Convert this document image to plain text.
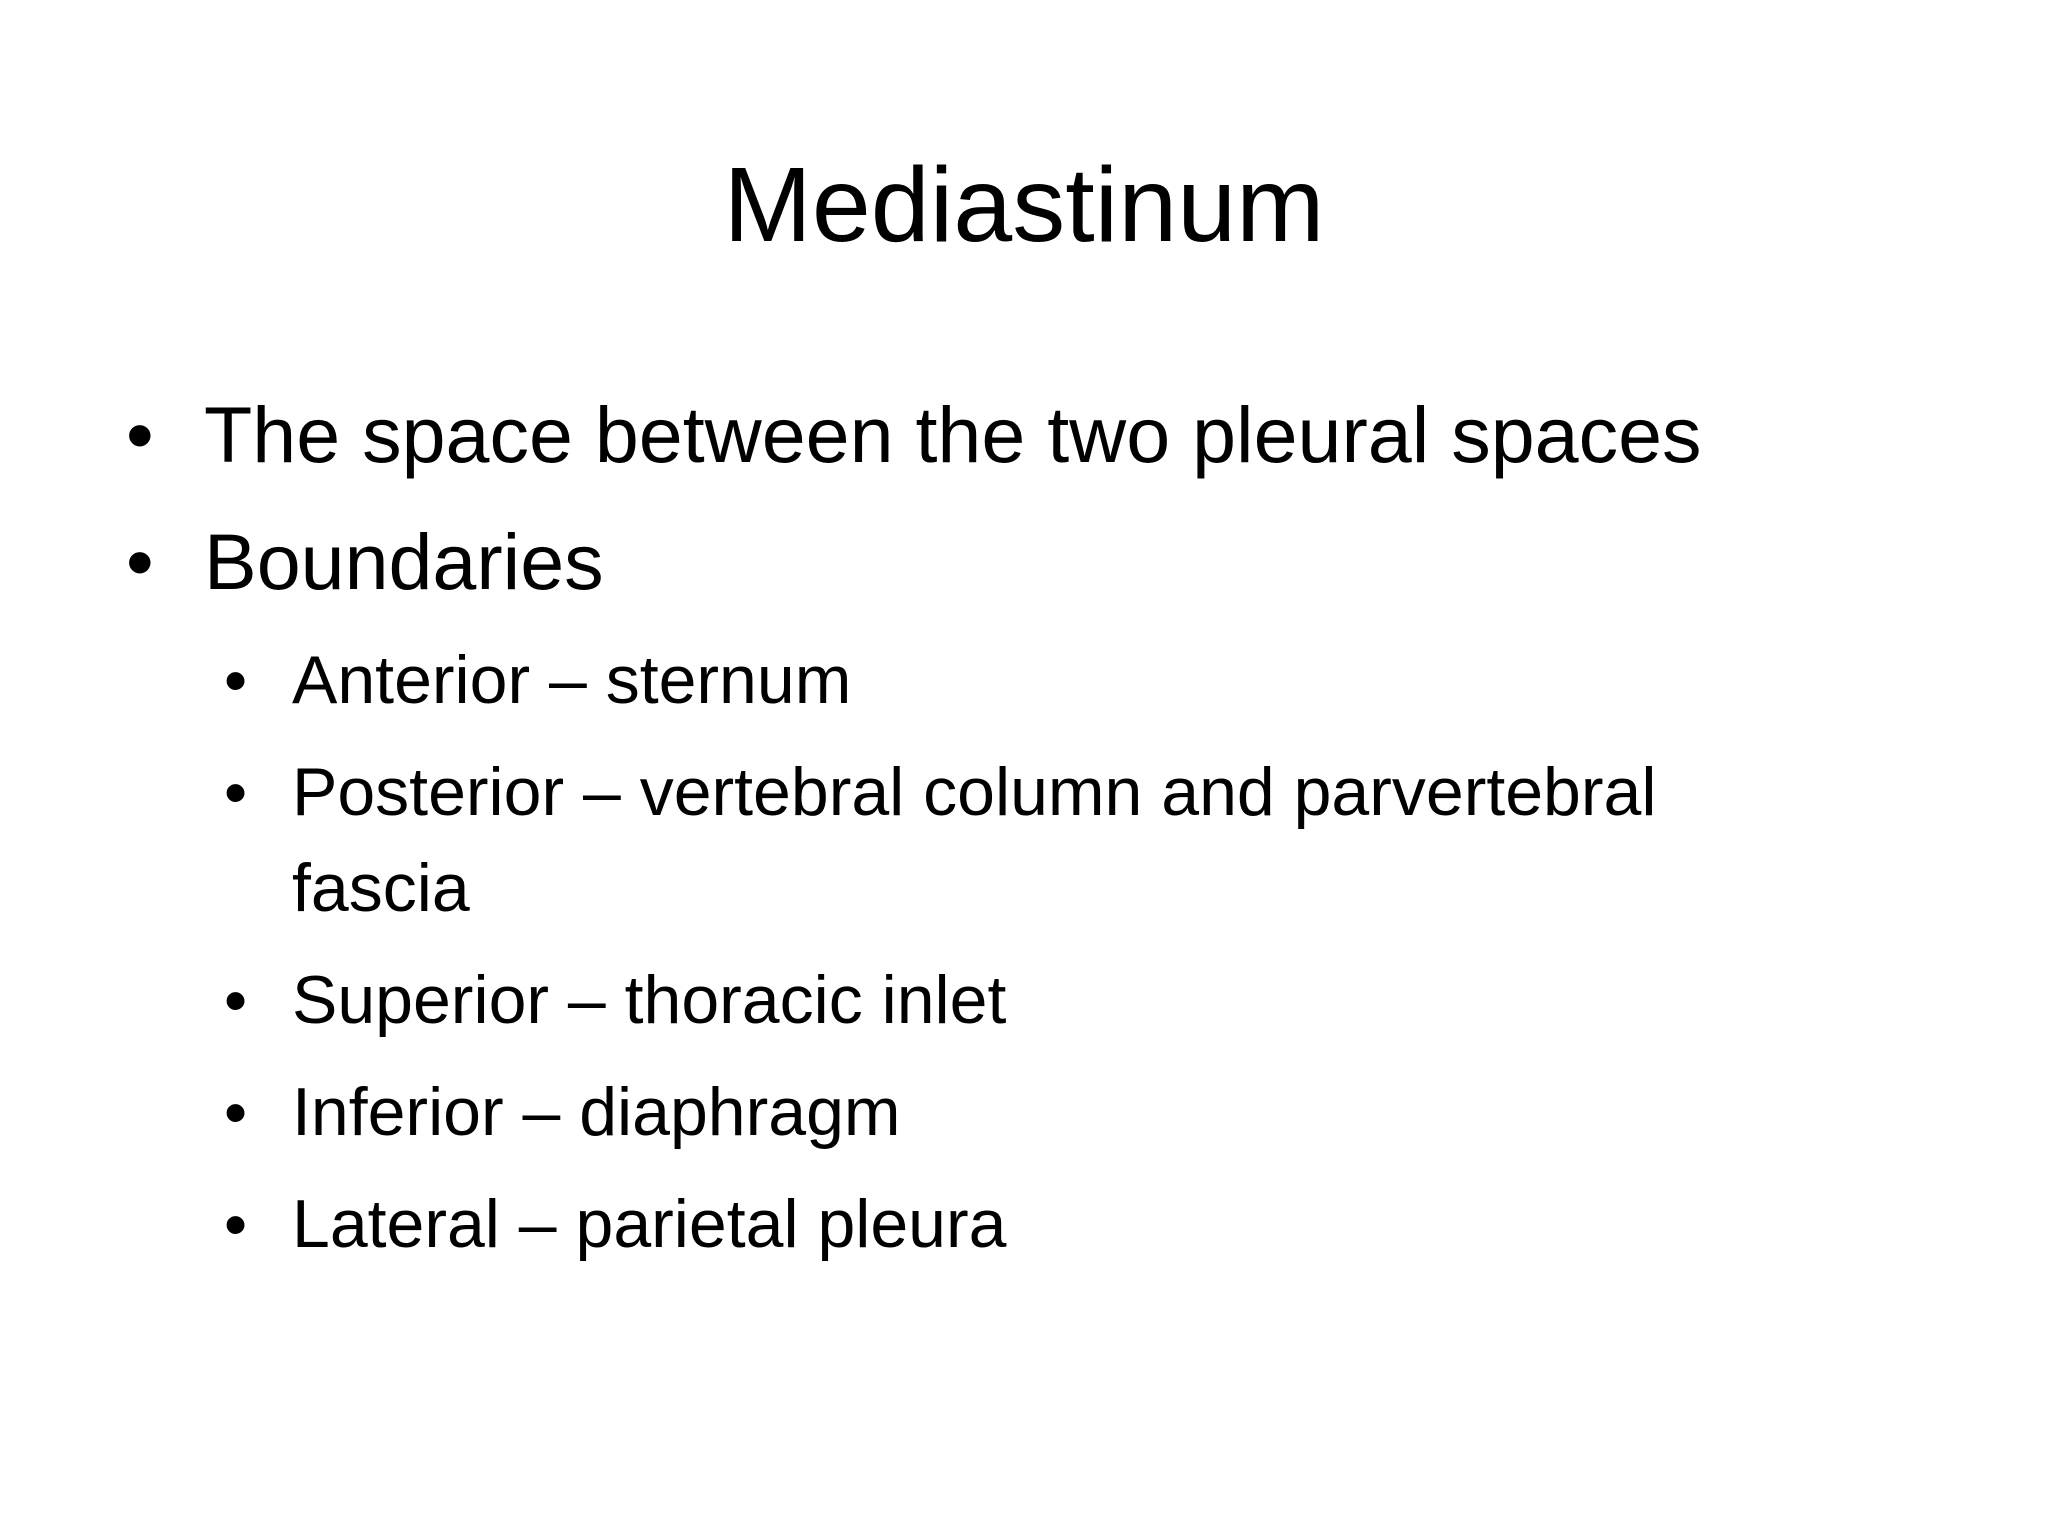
Mediastinum
• The space between the two pleural spaces
• Boundaries
• Anterior – sternum
• Posterior – vertebral column and parvertebral fascia
• Superior – thoracic inlet
• Inferior – diaphragm
• Lateral – parietal pleura
